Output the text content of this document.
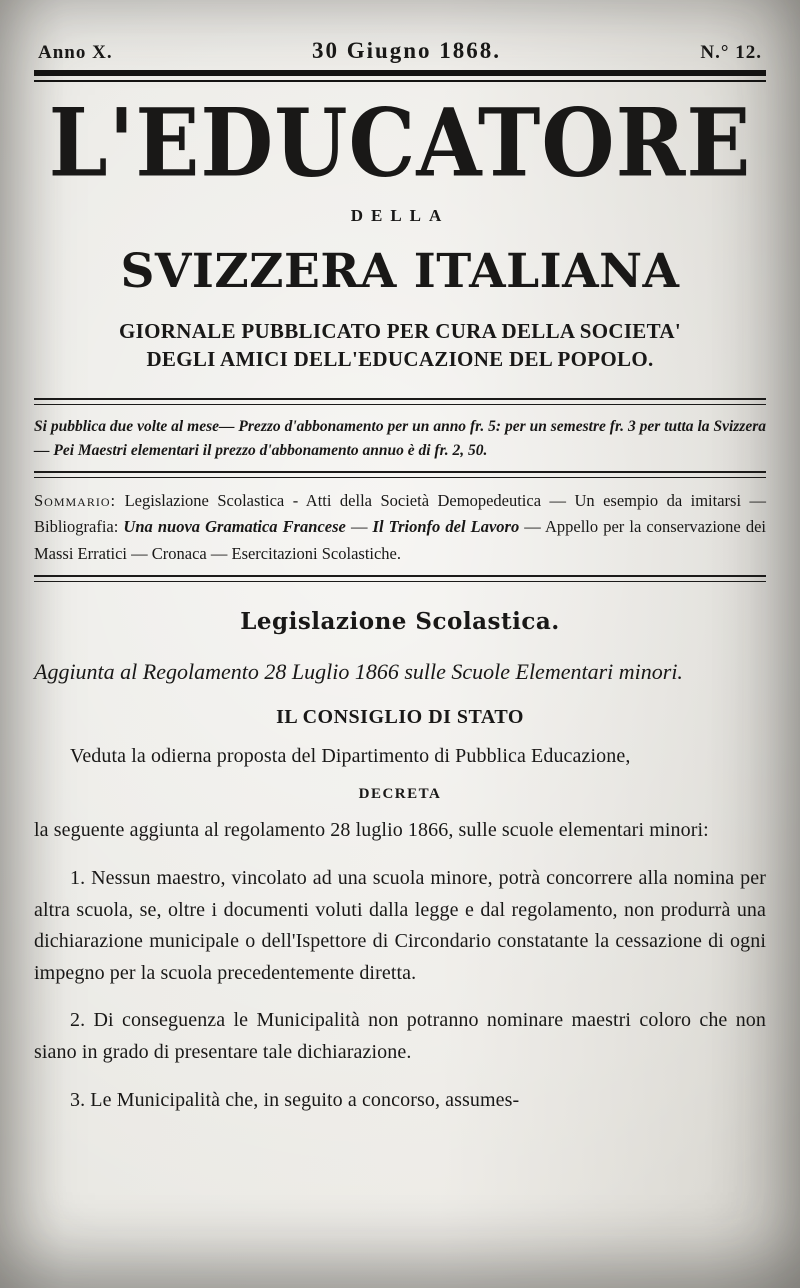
Anno X.	30 Giugno 1868.	N.° 12.
L'EDUCATORE
DELLA
SVIZZERA ITALIANA
GIORNALE PUBBLICATO PER CURA DELLA SOCIETA'
DEGLI AMICI DELL'EDUCAZIONE DEL POPOLO.

Si pubblica due volte al mese— Prezzo d'abbonamento per un anno fr. 5: per un semestre fr. 3 per tutta la Svizzera — Pei Maestri elementari il prezzo d'abbonamento annuo è di fr. 2, 50.

Sommario: Legislazione Scolastica - Atti della Società Demopedeutica — Un esempio da imitarsi — Bibliografia: Una nuova Gramatica Francese — Il Trionfo del Lavoro — Appello per la conservazione dei Massi Erratici — Cronaca — Esercitazioni Scolastiche.

Legislazione Scolastica.

Aggiunta al Regolamento 28 Luglio 1866 sulle Scuole Elementari minori.

IL CONSIGLIO DI STATO

Veduta la odierna proposta del Dipartimento di Pubblica Educazione,

DECRETA

la seguente aggiunta al regolamento 28 luglio 1866, sulle scuole elementari minori:

1. Nessun maestro, vincolato ad una scuola minore, potrà concorrere alla nomina per altra scuola, se, oltre i documenti voluti dalla legge e dal regolamento, non produrrà una dichiarazione municipale o dell'Ispettore di Circondario constatante la cessazione di ogni impegno per la scuola precedentemente diretta.

2. Di conseguenza le Municipalità non potranno nominare maestri coloro che non siano in grado di presentare tale dichiarazione.

3. Le Municipalità che, in seguito a concorso, assumes-
